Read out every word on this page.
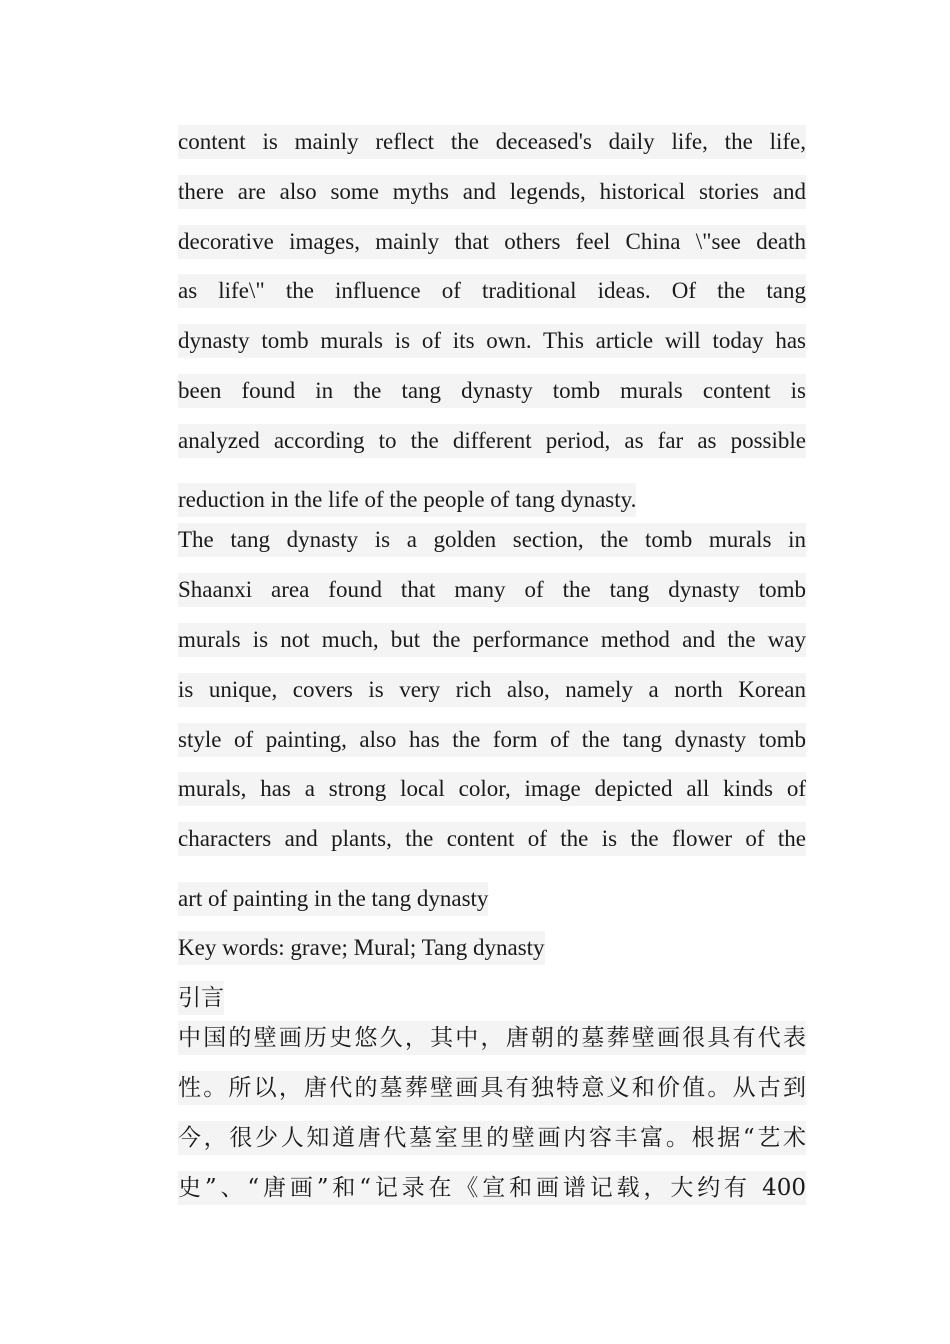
content is mainly reflect the deceased's daily life, the life,
there are also some myths and legends, historical stories and
decorative images, mainly that others feel China \"see death
as life\" the influence of traditional ideas. Of the tang
dynasty tomb murals is of its own. This article will today has
been found in the tang dynasty tomb murals content is
analyzed according to the different period, as far as possible
reduction in the life of the people of tang dynasty.
The tang dynasty is a golden section, the tomb murals in
Shaanxi area found that many of the tang dynasty tomb
murals is not much, but the performance method and the way
is unique, covers is very rich also, namely a north Korean
style of painting, also has the form of the tang dynasty tomb
murals, has a strong local color, image depicted all kinds of
characters and plants, the content of the is the flower of the
art of painting in the tang dynasty
Key words: grave; Mural; Tang dynasty
引言
中国的壁画历史悠久，其中，唐朝的墓葬壁画很具有代表
性。所以，唐代的墓葬壁画具有独特意义和价值。从古到
今，很少人知道唐代墓室里的壁画内容丰富。根据“艺术
史”、“唐画”和“记录在《宣和画谱记载，大约有 400
